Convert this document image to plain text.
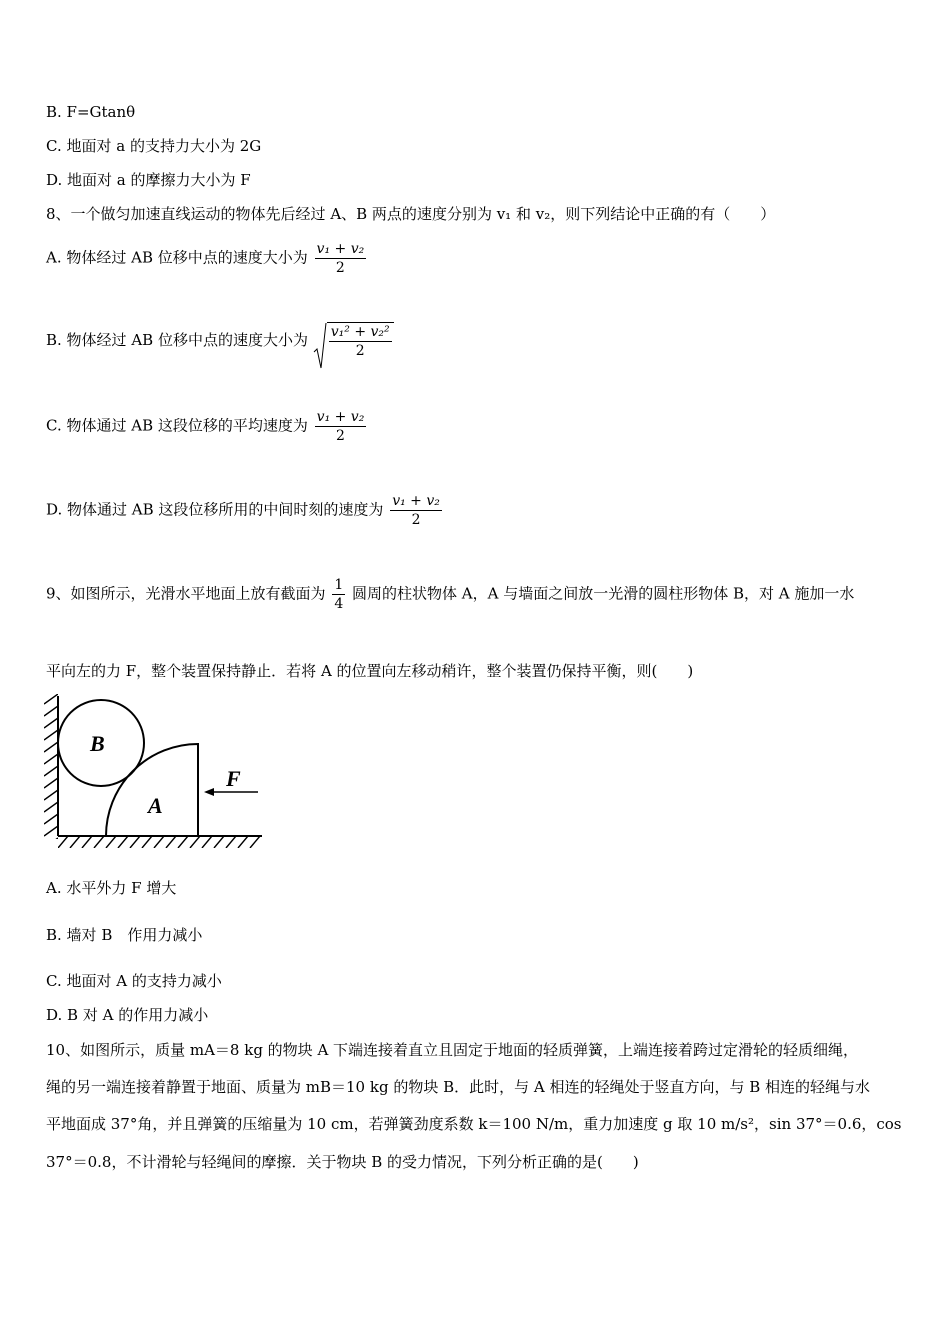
B. F=Gtanθ
C. 地面对 a 的支持力大小为 2G
D. 地面对 a 的摩擦力大小为 F
8、一个做匀加速直线运动的物体先后经过 A、B 两点的速度分别为 v₁ 和 v₂，则下列结论中正确的有（　　）
A. 物体经过 AB 位移中点的速度大小为 $\frac{\text{v₁ + v₂}}{2}$
B. 物体经过 AB 位移中点的速度大小为 $\frac{\text{v₁² + v₂²}}{2}$
C. 物体通过 AB 这段位移的平均速度为 $\frac{\text{v₁ + v₂}}{2}$
D. 物体通过 AB 这段位移所用的中间时刻的速度为 $\frac{\text{v₁ + v₂}}{2}$
9、如图所示，光滑水平地面上放有截面为 $\frac{1}{4}$ 圆周的柱状物体 A，A 与墙面之间放一光滑的圆柱形物体 B，对 A 施加一水
平向左的力 F，整个装置保持静止．若将 A 的位置向左移动稍许，整个装置仍保持平衡，则(　　)
B
A
F
A. 水平外力 F 增大
B. 墙对 B　作用力减小
C. 地面对 A 的支持力减小
D. B 对 A 的作用力减小
10、如图所示，质量 mA＝8 kg 的物块 A 下端连接着直立且固定于地面的轻质弹簧，上端连接着跨过定滑轮的轻质细绳，
绳的另一端连接着静置于地面、质量为 mB＝10 kg 的物块 B．此时，与 A 相连的轻绳处于竖直方向，与 B 相连的轻绳与水
平地面成 37°角，并且弹簧的压缩量为 10 cm，若弹簧劲度系数 k＝100 N/m，重力加速度 g 取 10 m/s²，sin 37°＝0.6，cos
37°＝0.8，不计滑轮与轻绳间的摩擦．关于物块 B 的受力情况，下列分析正确的是(　　)
